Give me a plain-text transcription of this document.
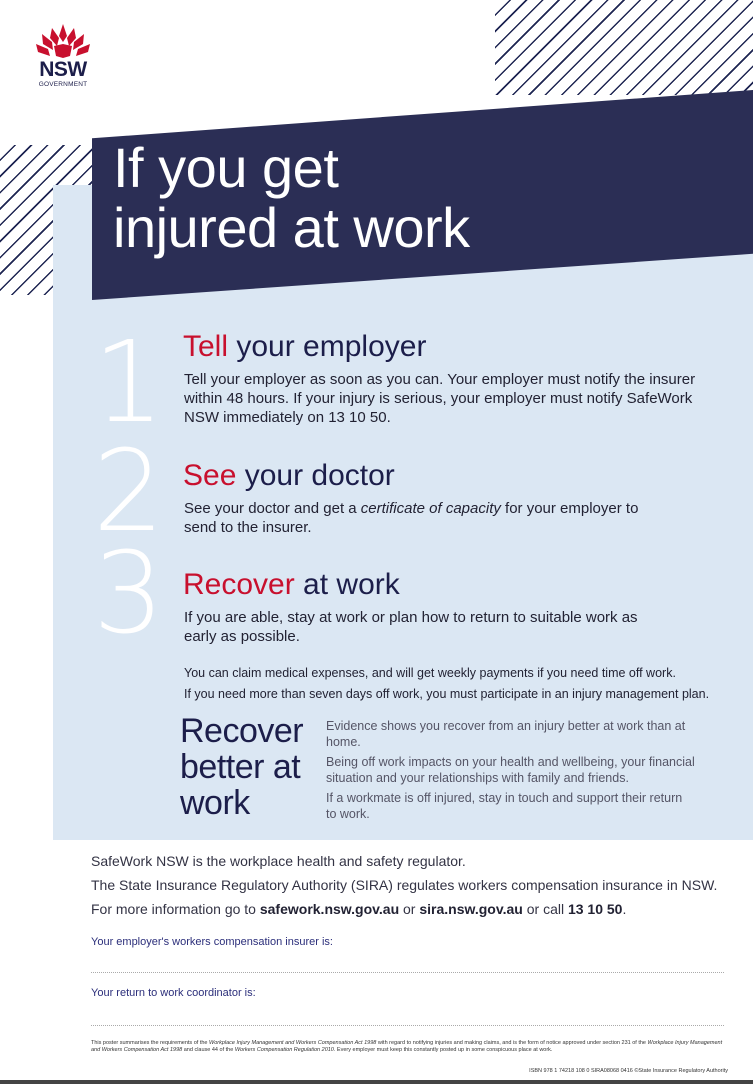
NSW
GOVERNMENT
If you get
injured at work
1
2
3
Tell your employer
Tell your employer as soon as you can. Your employer must notify the insurer within 48 hours. If your injury is serious, your employer must notify SafeWork NSW immediately on 13 10 50.
See your doctor
See your doctor and get a certificate of capacity for your employer to send to the insurer.
Recover at work
If you are able, stay at work or plan how to return to suitable work as early as possible.
You can claim medical expenses, and will get weekly payments if you need time off work.
If you need more than seven days off work, you must participate in an injury management plan.
Recover
better at
work
Evidence shows you recover from an injury better at work than at home.
Being off work impacts on your health and wellbeing, your financial situation and your relationships with family and friends.
If a workmate is off injured, stay in touch and support their return to work.
SafeWork NSW is the workplace health and safety regulator.
The State Insurance Regulatory Authority (SIRA) regulates workers compensation insurance in NSW.
For more information go to safework.nsw.gov.au or sira.nsw.gov.au or call 13 10 50.
Your employer's workers compensation insurer is:
Your return to work coordinator is:
This poster summarises the requirements of the Workplace Injury Management and Workers Compensation Act 1998 with regard to notifying injuries and making claims, and is the form of notice approved under section 231 of the Workplace Injury Management and Workers Compensation Act 1998 and clause 44 of the Workers Compensation Regulation 2010. Every employer must keep this constantly posted up in some conspicuous place at work.
ISBN 978 1 74218 108 0 SIRA08068 0416 ©State Insurance Regulatory Authority
